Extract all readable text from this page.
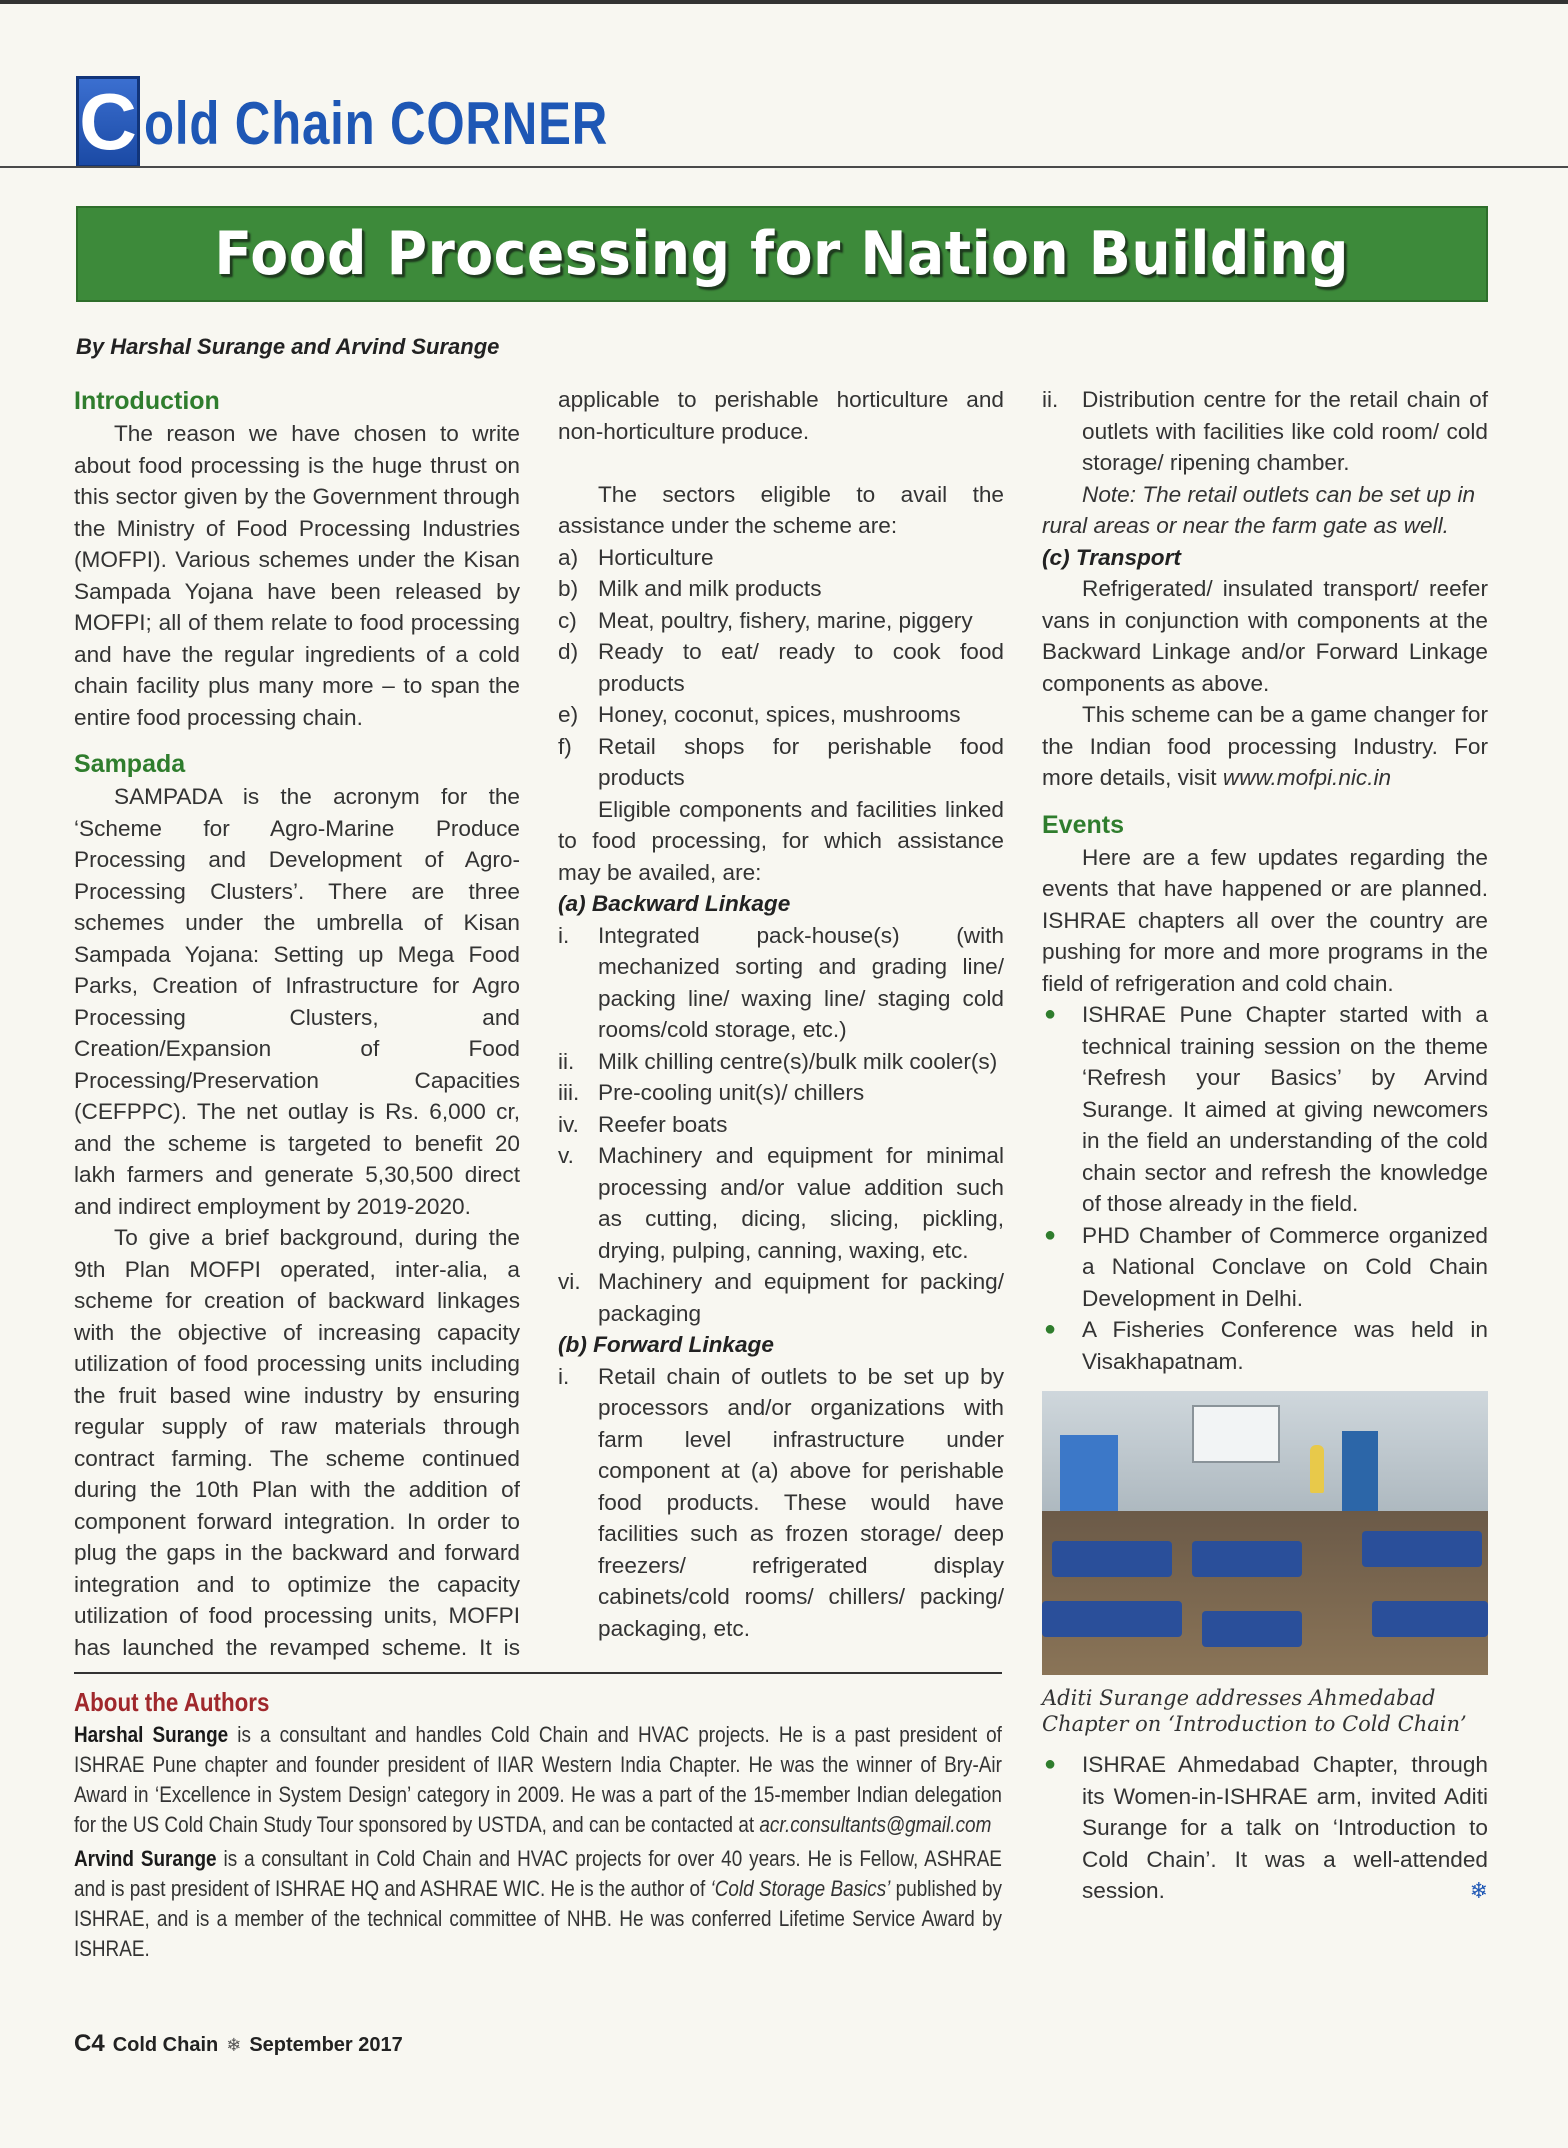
C old Chain CORNER
Food Processing for Nation Building
By Harshal Surange and Arvind Surange
Introduction

The reason we have chosen to write about food processing is the huge thrust on this sector given by the Government through the Ministry of Food Processing Industries (MOFPI). Various schemes under the Kisan Sampada Yojana have been released by MOFPI; all of them relate to food processing and have the regular ingredients of a cold chain facility plus many more – to span the entire food processing chain.

Sampada

SAMPADA is the acronym for the ‘Scheme for Agro-Marine Produce Processing and Development of Agro-Processing Clusters’. There are three schemes under the umbrella of Kisan Sampada Yojana: Setting up Mega Food Parks, Creation of Infrastructure for Agro Processing Clusters, and Creation/Expansion of Food Processing/Preservation Capacities (CEFPPC). The net outlay is Rs. 6,000 cr, and the scheme is targeted to benefit 20 lakh farmers and generate 5,30,500 direct and indirect employment by 2019-2020.

To give a brief background, during the 9th Plan MOFPI operated, inter-alia, a scheme for creation of backward linkages with the objective of increasing capacity utilization of food processing units including the fruit based wine industry by ensuring regular supply of raw materials through contract farming. The scheme continued during the 10th Plan with the addition of component forward integration. In order to plug the gaps in the backward and forward integration and to optimize the capacity utilization of food processing units, MOFPI has launched the revamped scheme. It is

applicable to perishable horticulture and non-horticulture produce.

The sectors eligible to avail the assistance under the scheme are:

a) Horticulture
b) Milk and milk products
c) Meat, poultry, fishery, marine, piggery
d) Ready to eat/ ready to cook food products
e) Honey, coconut, spices, mushrooms
f)	Retail shops for perishable food products

Eligible components and facilities linked to food processing, for which assistance may be availed, are:

(a) Backward Linkage
i.	Integrated pack-house(s) (with mechanized sorting and grading line/ packing line/ waxing line/ staging cold rooms/cold storage, etc.)
ii.	Milk chilling centre(s)/bulk milk cooler(s)
iii. Pre-cooling unit(s)/ chillers
iv. Reefer boats
v.	Machinery and equipment for minimal processing and/or value addition such as cutting, dicing, slicing, pickling, drying, pulping, canning, waxing, etc.
vi. Machinery and equipment for packing/ packaging
(b) Forward Linkage
i.	Retail chain of outlets to be set up by processors and/or organizations with farm level infrastructure under component at (a) above for perishable food products. These would have facilities such as frozen storage/ deep freezers/ refrigerated display cabinets/cold rooms/ chillers/ packing/ packaging, etc.
ii.	Distribution centre for the retail chain of outlets with facilities like cold room/ cold storage/ ripening chamber.

Note: The retail outlets can be set up in rural areas or near the farm gate as well.

(c) Transport

Refrigerated/ insulated transport/ reefer vans in conjunction with components at the Backward Linkage and/or Forward Linkage components as above.

This scheme can be a game changer for the Indian food processing Industry. For more details, visit www.mofpi.nic.in

Events

Here are a few updates regarding the events that have happened or are planned. ISHRAE chapters all over the country are pushing for more and more programs in the field of refrigeration and cold chain.

●	ISHRAE Pune Chapter started with a technical training session on the theme ‘Refresh your Basics’ by Arvind Surange. It aimed at giving newcomers in the field an understanding of the cold chain sector and refresh the knowledge of those already in the field.
●	PHD Chamber of Commerce organized a National Conclave on Cold Chain Development in Delhi.
●	A Fisheries Conference was held in Visakhapatnam.
Aditi Surange addresses Ahmedabad Chapter on ‘Introduction to Cold Chain’
●	ISHRAE Ahmedabad Chapter, through its Women-in-ISHRAE arm, invited Aditi Surange for a talk on ‘Introduction to Cold Chain’. It was a well-attended session.	❄
About the Authors

Harshal Surange is a consultant and handles Cold Chain and HVAC projects. He is a past president of ISHRAE Pune chapter and founder president of IIAR Western India Chapter. He was the winner of Bry-Air Award in ‘Excellence in System Design’ category in 2009. He was a part of the 15-member Indian delegation for the US Cold Chain Study Tour sponsored by USTDA, and can be contacted at acr.consultants@gmail.com

Arvind Surange is a consultant in Cold Chain and HVAC projects for over 40 years. He is Fellow, ASHRAE and is past president of ISHRAE HQ and ASHRAE WIC. He is the author of ‘Cold Storage Basics’ published by ISHRAE, and is a member of the technical committee of NHB. He was conferred Lifetime Service Award by ISHRAE.

C4 Cold Chain ❄ September 2017
